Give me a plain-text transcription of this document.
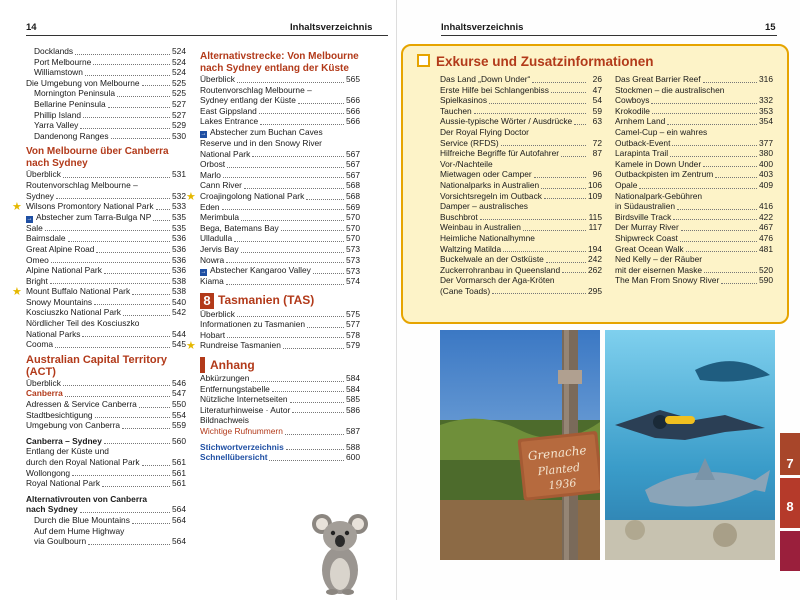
14	Inhaltsverzeichnis
Docklands	524
Port Melbourne	524
Williamstown	524
Die Umgebung von Melbourne	525
Mornington Peninsula	525
Bellarine Peninsula	527
Phillip Island	527
Yarra Valley	529
Dandenong Ranges	530
Von Melbourne über Canberra
nach Sydney
Überblick	531
Routenvorschlag Melbourne –
Sydney	532
★ Wilsons Promontory National Park 533
→ Abstecher zum Tarra-Bulga NP 535
Sale	535
Bairnsdale	536
Great Alpine Road	536
Omeo	536
Alpine National Park	536
Bright	538
★ Mount Buffalo National Park	538
Snowy Mountains	540
Kosciuszko National Park	542
Nördlicher Teil des Kosciuszko
National Parks	544
Cooma	545
Australian Capital Territory (ACT)
Überblick	546
Canberra	547
Adressen & Service Canberra	550
Stadtbesichtigung	554
Umgebung von Canberra	559
Canberra – Sydney	560
Entlang der Küste und
durch den Royal National Park	561
Wollongong	561
Royal National Park	561
Alternativrouten von Canberra
nach Sydney	564
Durch die Blue Mountains	564
Auf dem Hume Highway
via Goulbourn	564
Alternativstrecke: Von Melbourne
nach Sydney entlang der Küste
Überblick	565
Routenvorschlag Melbourne –
Sydney entlang der Küste	566
East Gippsland	566
Lakes Entrance	566
→ Abstecher zum Buchan Caves
Reserve und in den Snowy River
National Park	567
Orbost	567
Marlo	567
Cann River	568
★ Croajingolong National Park	568
Eden	569
Merimbula	570
Bega, Batemans Bay	570
Ulladulla	570
Jervis Bay	573
Nowra	573
→ Abstecher Kangaroo Valley	573
Kiama	574
8 Tasmanien (TAS)
Überblick	575
Informationen zu Tasmanien	577
Hobart	578
★ Rundreise Tasmanien	579
Anhang
Abkürzungen	584
Entfernungstabelle	584
Nützliche Internetseiten	585
Literaturhinweise · Autor	586
Bildnachweis
Wichtige Rufnummern	587
Stichwortverzeichnis	588
Schnellübersicht	600
Inhaltsverzeichnis	15
Exkurse und Zusatzinformationen
Das Land „Down Under“	26
Erste Hilfe bei Schlangenbiss	47
Spielkasinos	54
Tauchen	59
Aussie-typische Wörter / Ausdrücke	63
Der Royal Flying Doctor
Service (RFDS)	72
Hilfreiche Begriffe für Autofahrer	87
Vor-/Nachteile
Mietwagen oder Camper	96
Nationalparks in Australien	106
Vorsichtsregeln im Outback	109
Damper – australisches
Buschbrot	115
Weinbau in Australien	117
Heimliche Nationalhymne
Waltzing Matilda	194
Buckelwale an der Ostküste	242
Zuckerrohranbau in Queensland	262
Der Vormarsch der Aga-Kröten
(Cane Toads)	295
Das Great Barrier Reef	316
Stockmen – die australischen
Cowboys	332
Krokodile	353
Arnhem Land	354
Camel-Cup – ein wahres
Outback-Event	377
Larapinta Trail	380
Kamele in Down Under	400
Outbackpisten im Zentrum	403
Opale	409
Nationalpark-Gebühren
in Südaustralien	416
Birdsville Track	422
Der Murray River	467
Shipwreck Coast	476
Great Ocean Walk	481
Ned Kelly – der Räuber
mit der eisernen Maske	520
The Man From Snowy River	590
Grenache
Planted
1936
7
8
